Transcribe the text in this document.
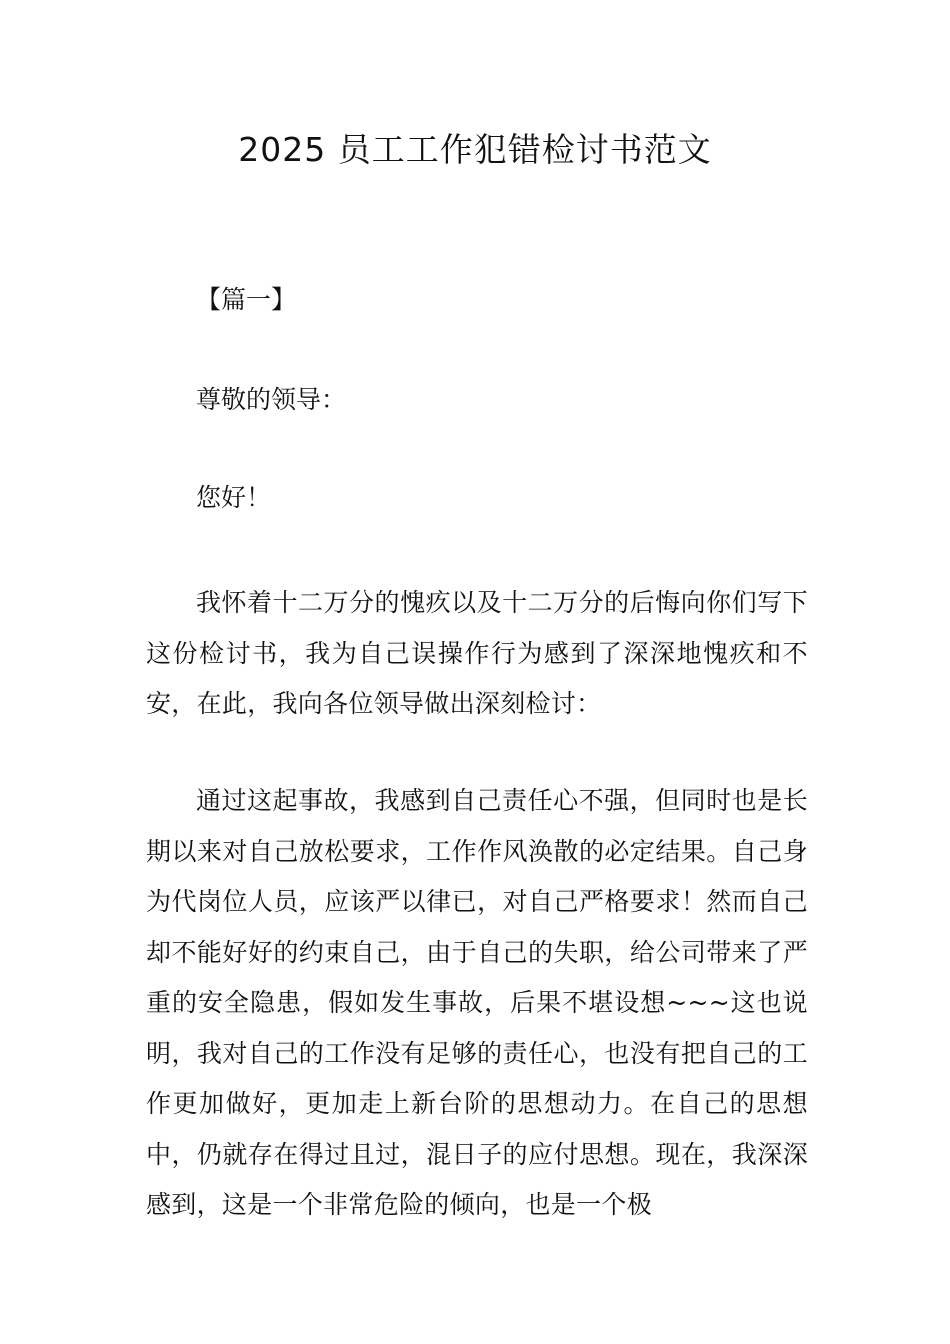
2025 员工工作犯错检讨书范文

【篇一】

尊敬的领导：

您好！

我怀着十二万分的愧疚以及十二万分的后悔向你们写下这份检讨书，我为自己误操作行为感到了深深地愧疚和不安，在此，我向各位领导做出深刻检讨：

通过这起事故，我感到自己责任心不强，但同时也是长期以来对自己放松要求，工作作风涣散的必定结果。自己身为代岗位人员，应该严以律已，对自己严格要求！然而自己却不能好好的约束自己，由于自己的失职，给公司带来了严重的安全隐患，假如发生事故，后果不堪设想~~~这也说明，我对自己的工作没有足够的责任心，也没有把自己的工作更加做好，更加走上新台阶的思想动力。在自己的思想中，仍就存在得过且过，混日子的应付思想。现在，我深深感到，这是一个非常危险的倾向，也是一个极
